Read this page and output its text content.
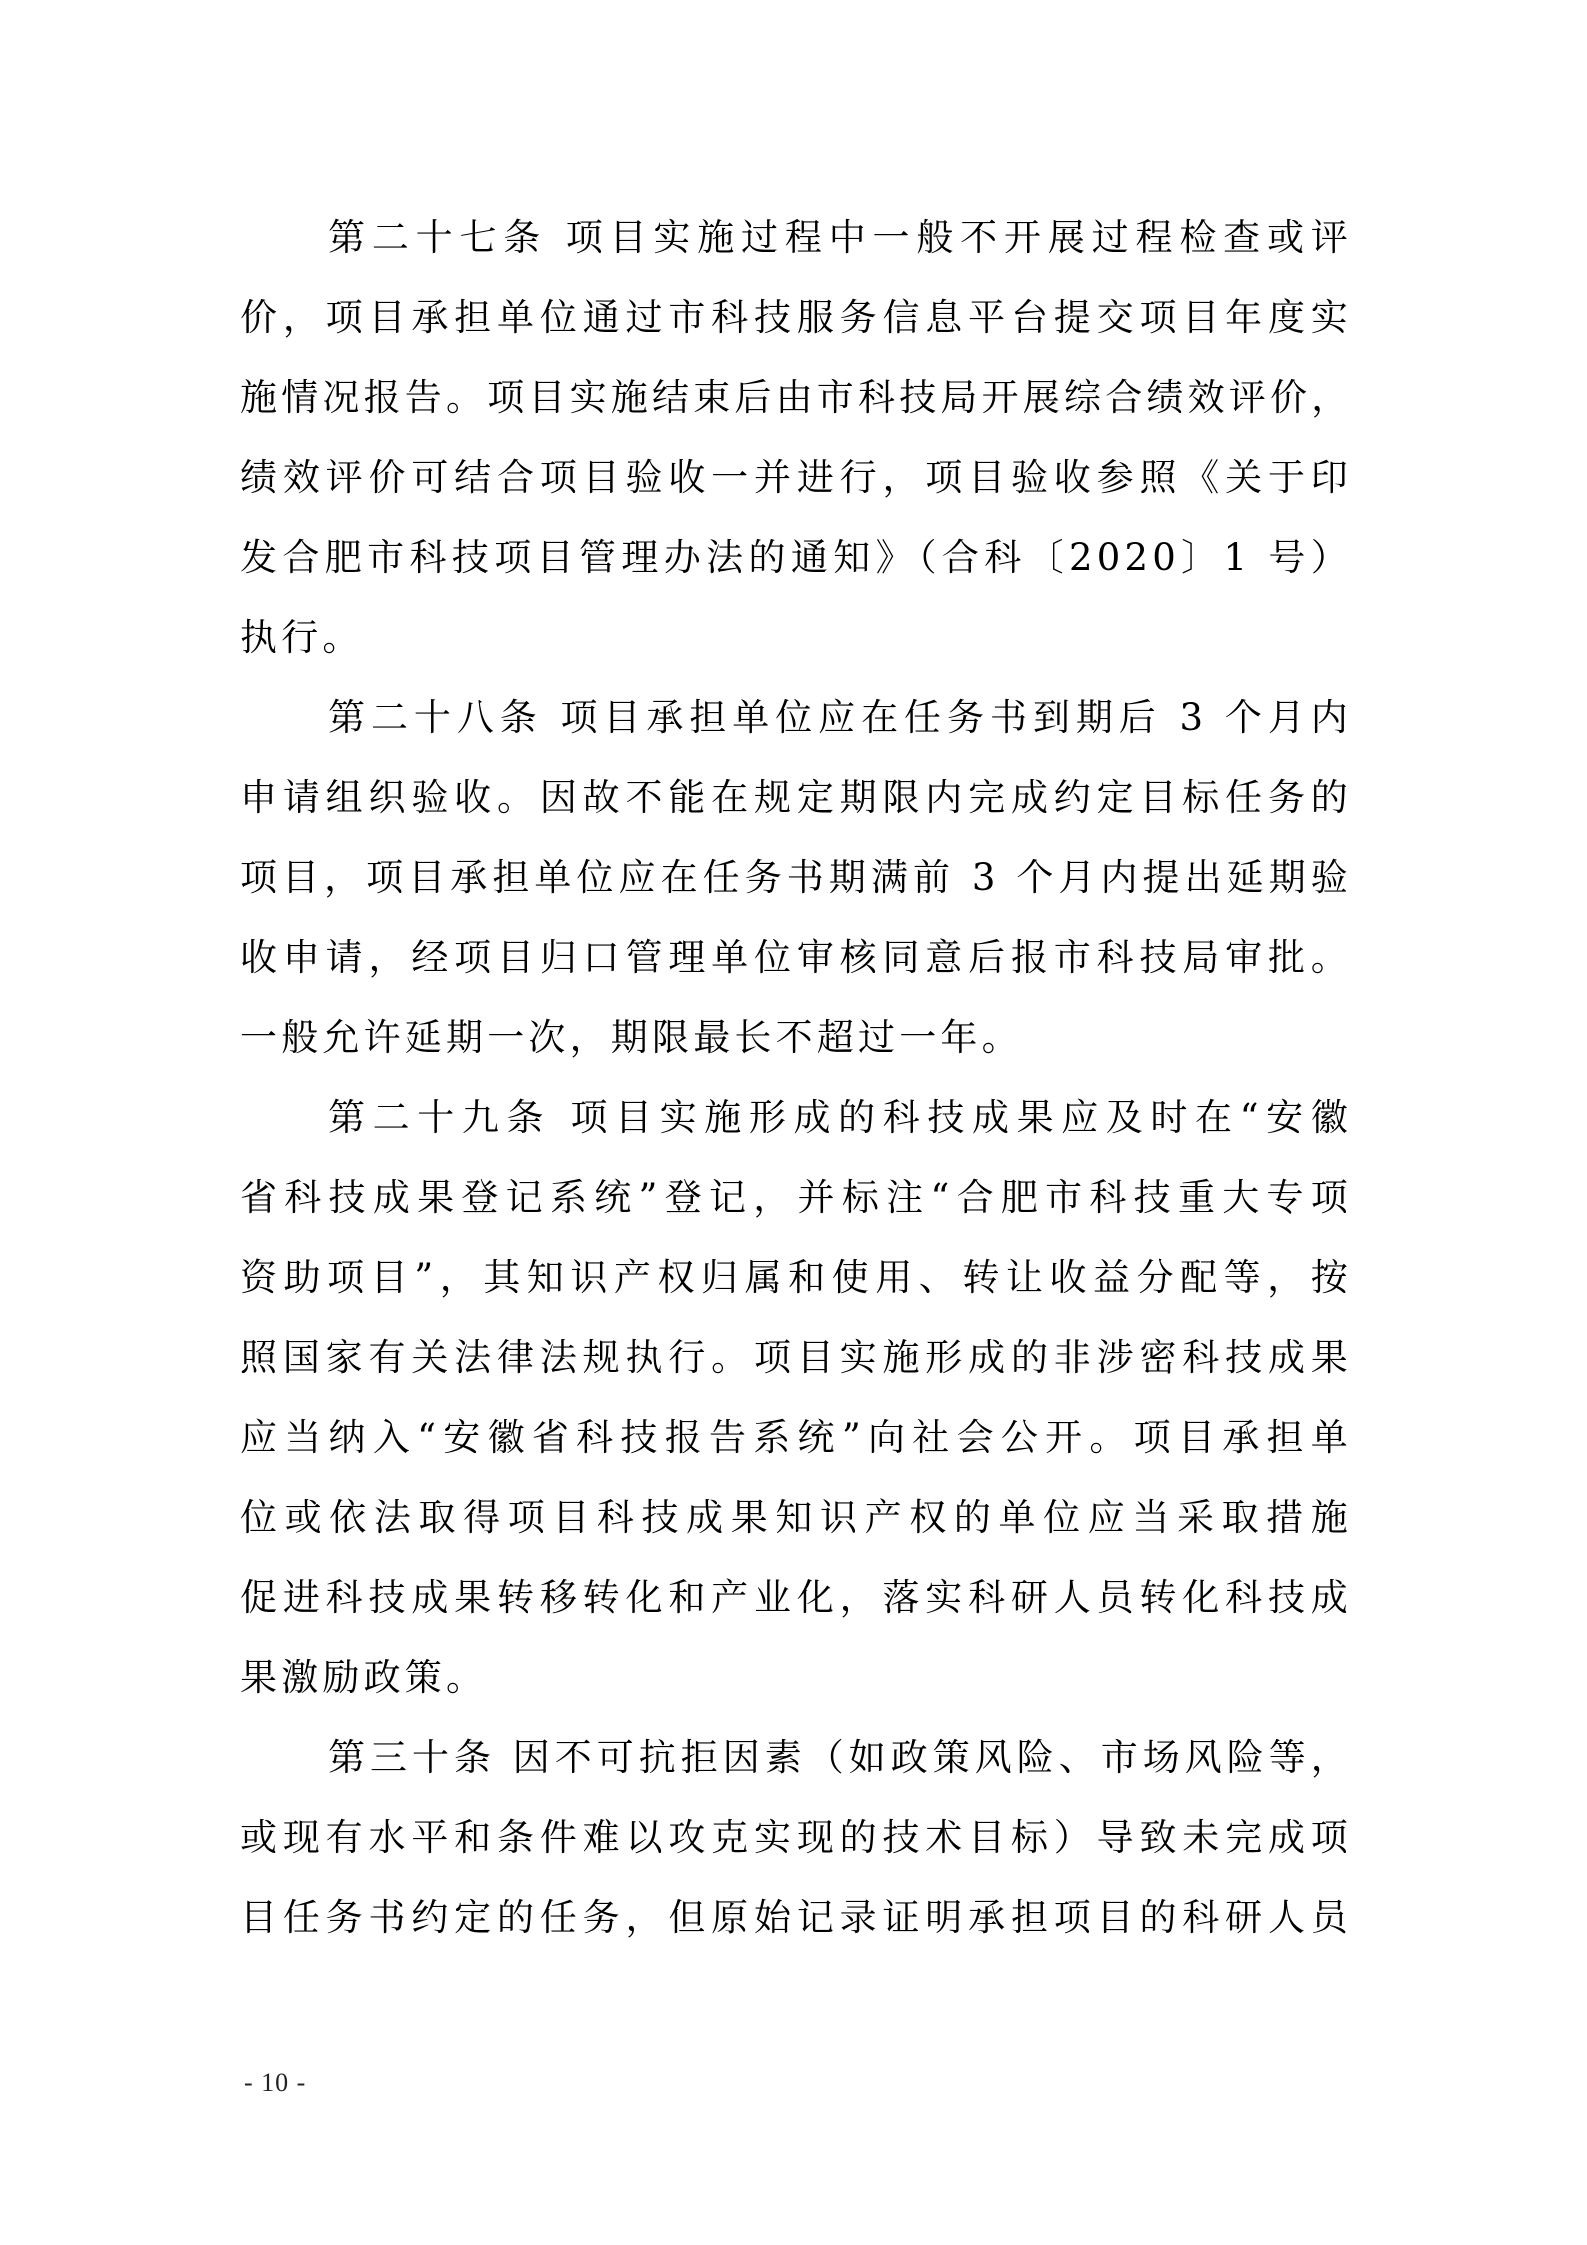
第二十七条 项目实施过程中一般不开展过程检查或评
价，项目承担单位通过市科技服务信息平台提交项目年度实
施情况报告。项目实施结束后由市科技局开展综合绩效评价，
绩效评价可结合项目验收一并进行，项目验收参照《关于印
发合肥市科技项目管理办法的通知》（合科〔2020〕1 号）
执行。
第二十八条 项目承担单位应在任务书到期后 3 个月内
申请组织验收。因故不能在规定期限内完成约定目标任务的
项目，项目承担单位应在任务书期满前 3 个月内提出延期验
收申请，经项目归口管理单位审核同意后报市科技局审批。
一般允许延期一次，期限最长不超过一年。
第二十九条 项目实施形成的科技成果应及时在“安徽
省科技成果登记系统”登记，并标注“合肥市科技重大专项
资助项目”，其知识产权归属和使用、转让收益分配等，按
照国家有关法律法规执行。项目实施形成的非涉密科技成果
应当纳入“安徽省科技报告系统”向社会公开。项目承担单
位或依法取得项目科技成果知识产权的单位应当采取措施
促进科技成果转移转化和产业化，落实科研人员转化科技成
果激励政策。
第三十条 因不可抗拒因素（如政策风险、市场风险等，
或现有水平和条件难以攻克实现的技术目标）导致未完成项
目任务书约定的任务，但原始记录证明承担项目的科研人员
- 10 -
